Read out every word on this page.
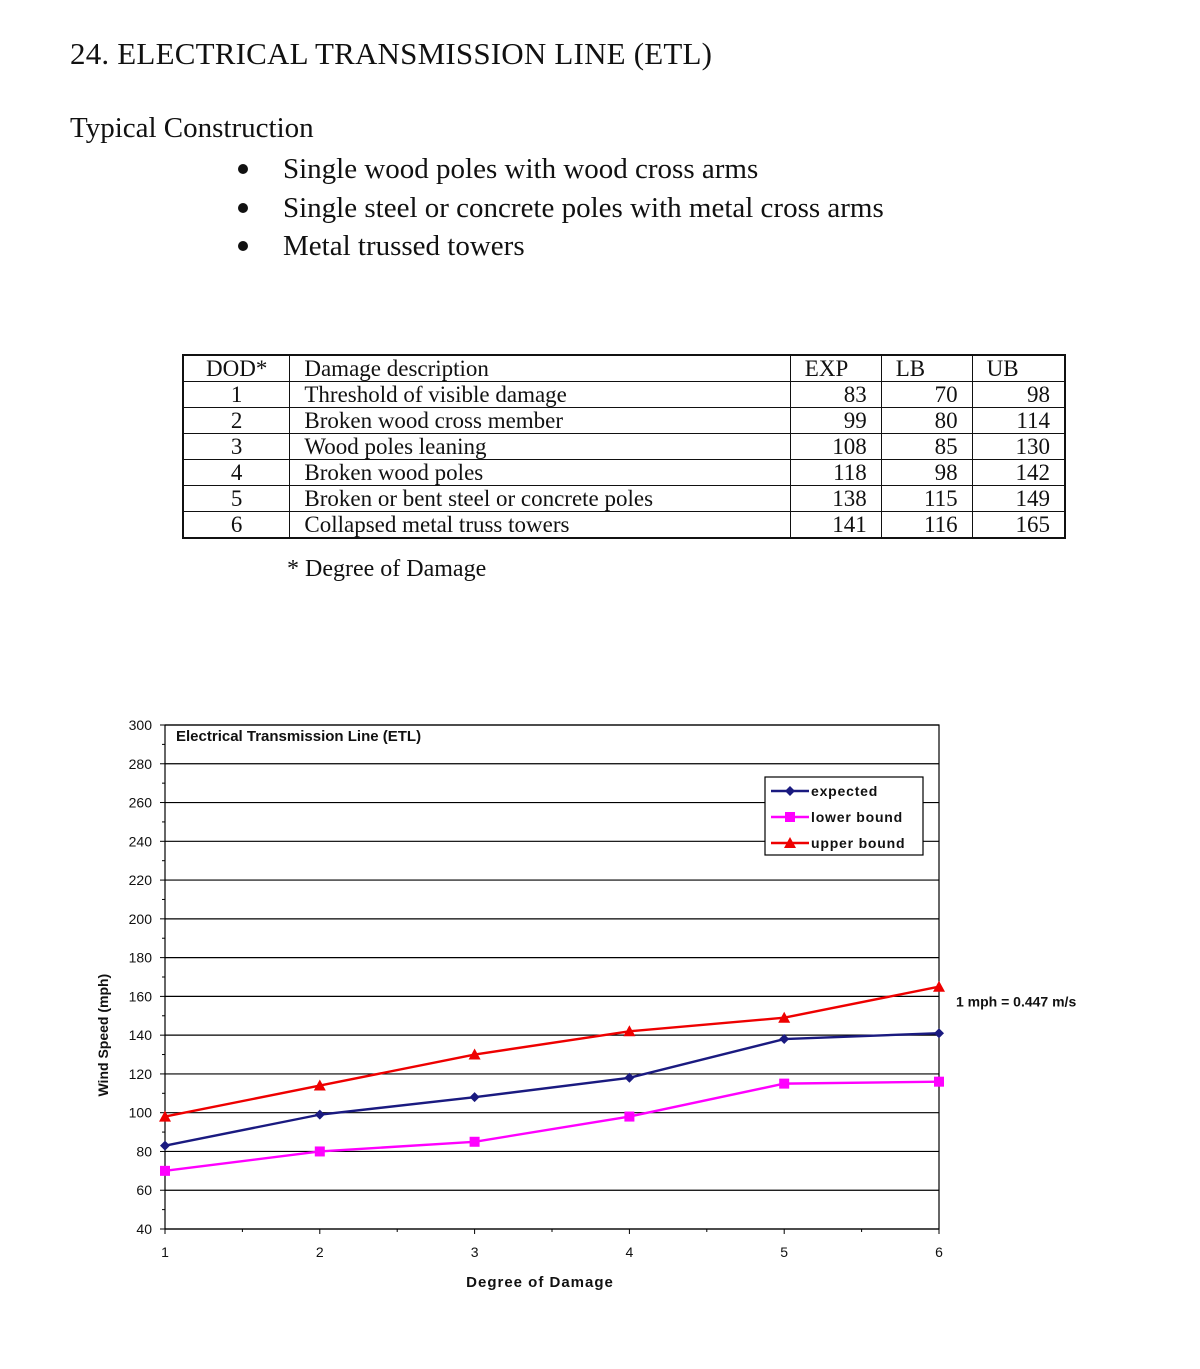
24. ELECTRICAL TRANSMISSION LINE (ETL)
Typical Construction
Single wood poles with wood cross arms
Single steel or concrete poles with metal cross arms
Metal trussed towers
DOD*	Damage description	EXP	LB	UB
1	Threshold of visible damage	83	70	98
2	Broken wood cross member	99	80	114
3	Wood poles leaning	108	85	130
4	Broken wood poles	118	98	142
5	Broken or bent steel or concrete poles	138	115	149
6	Collapsed metal truss towers	141	116	165
* Degree of Damage
40
60
80
100
120
140
160
180
200
220
240
260
280
300
1	2	3	4	5	6
Electrical Transmission Line (ETL)
Degree of Damage
Wind Speed (mph)	1 mph = 0.447 m/s
expected
lower bound
upper bound
